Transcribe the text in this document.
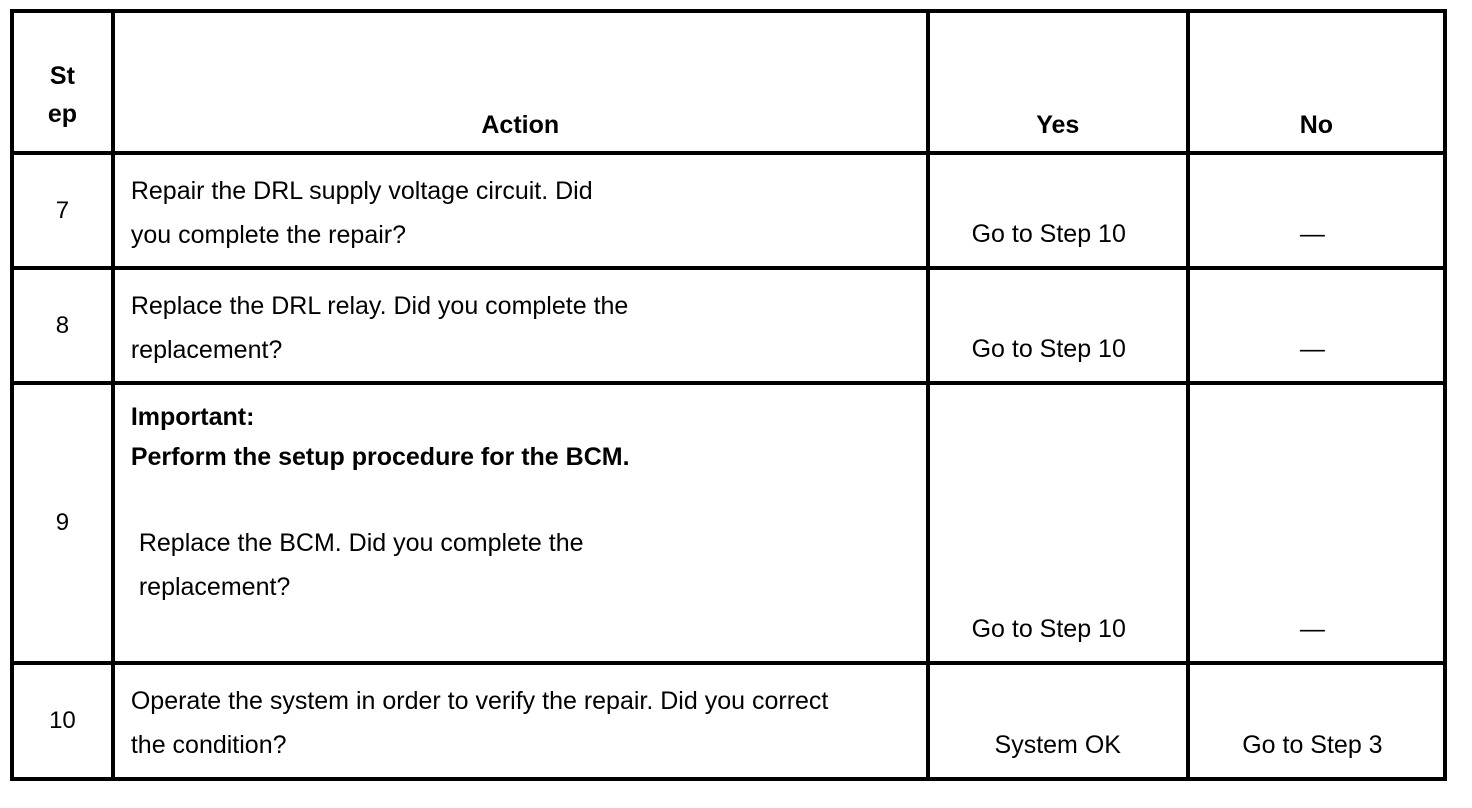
St
ep	Action	Yes	No
7	Repair the DRL supply voltage circuit. Did you complete the repair?	Go to Step 10	—
8	Replace the DRL relay. Did you complete the replacement?	Go to Step 10	—
9	Important:
Perform the setup procedure for the BCM.
Replace the BCM. Did you complete the replacement?	Go to Step 10	—
10	Operate the system in order to verify the repair. Did you correct the condition?	System OK	Go to Step 3
